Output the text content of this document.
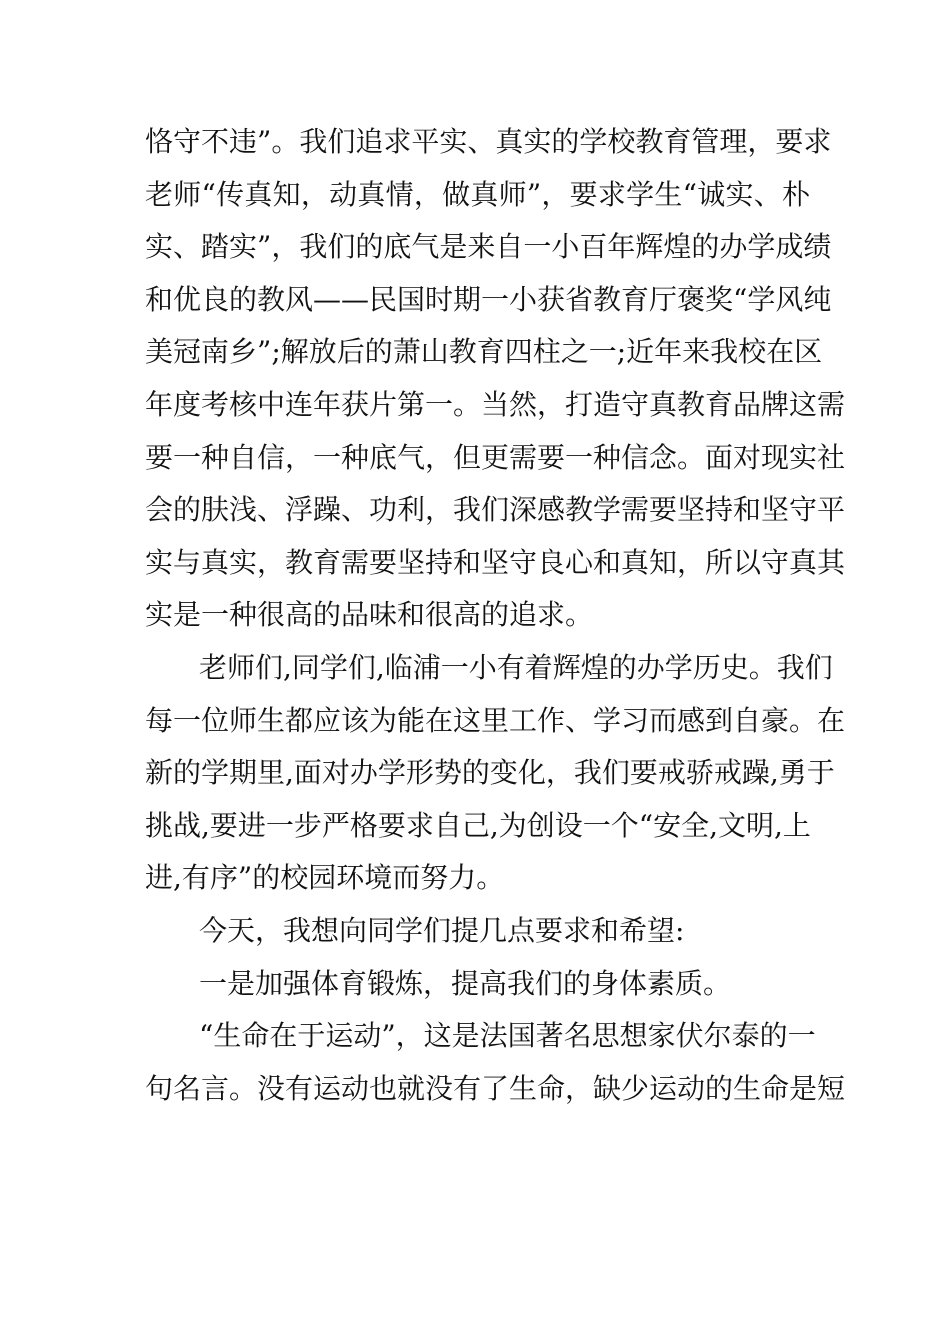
恪守不违”。我们追求平实、真实的学校教育管理，要求
老师“传真知，动真情，做真师”，要求学生“诚实、朴
实、踏实”，我们的底气是来自一小百年辉煌的办学成绩
和优良的教风——民国时期一小获省教育厅褒奖“学风纯
美冠南乡”;解放后的萧山教育四柱之一;近年来我校在区
年度考核中连年获片第一。当然，打造守真教育品牌这需
要一种自信，一种底气，但更需要一种信念。面对现实社
会的肤浅、浮躁、功利，我们深感教学需要坚持和坚守平
实与真实，教育需要坚持和坚守良心和真知，所以守真其
实是一种很高的品味和很高的追求。
老师们,同学们,临浦一小有着辉煌的办学历史。我们
每一位师生都应该为能在这里工作、学习而感到自豪。在
新的学期里,面对办学形势的变化，我们要戒骄戒躁,勇于
挑战,要进一步严格要求自己,为创设一个“安全,文明,上
进,有序”的校园环境而努力。
今天，我想向同学们提几点要求和希望:
一是加强体育锻炼，提高我们的身体素质。
“生命在于运动”，这是法国著名思想家伏尔泰的一
句名言。没有运动也就没有了生命，缺少运动的生命是短
